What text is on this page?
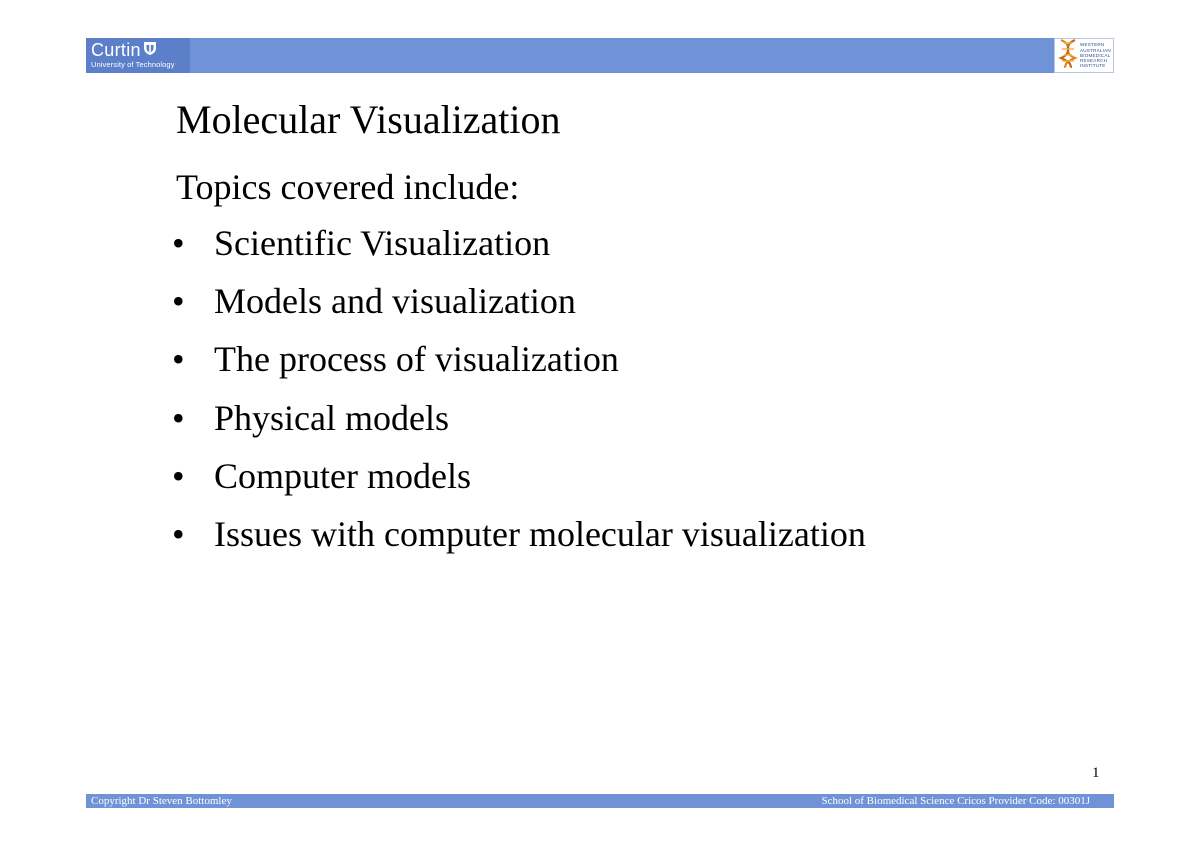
Curtin
University of Technology
WESTERN
AUSTRALIAN
BIOMEDICAL
RESEARCH
INSTITUTE
Molecular Visualization
Topics covered include:
• Scientific Visualization
• Models and visualization
• The process of visualization
• Physical models
• Computer models
• Issues with computer molecular visualization
1
Copyright Dr Steven Bottomley	School of Biomedical Science Cricos Provider Code: 00301J
